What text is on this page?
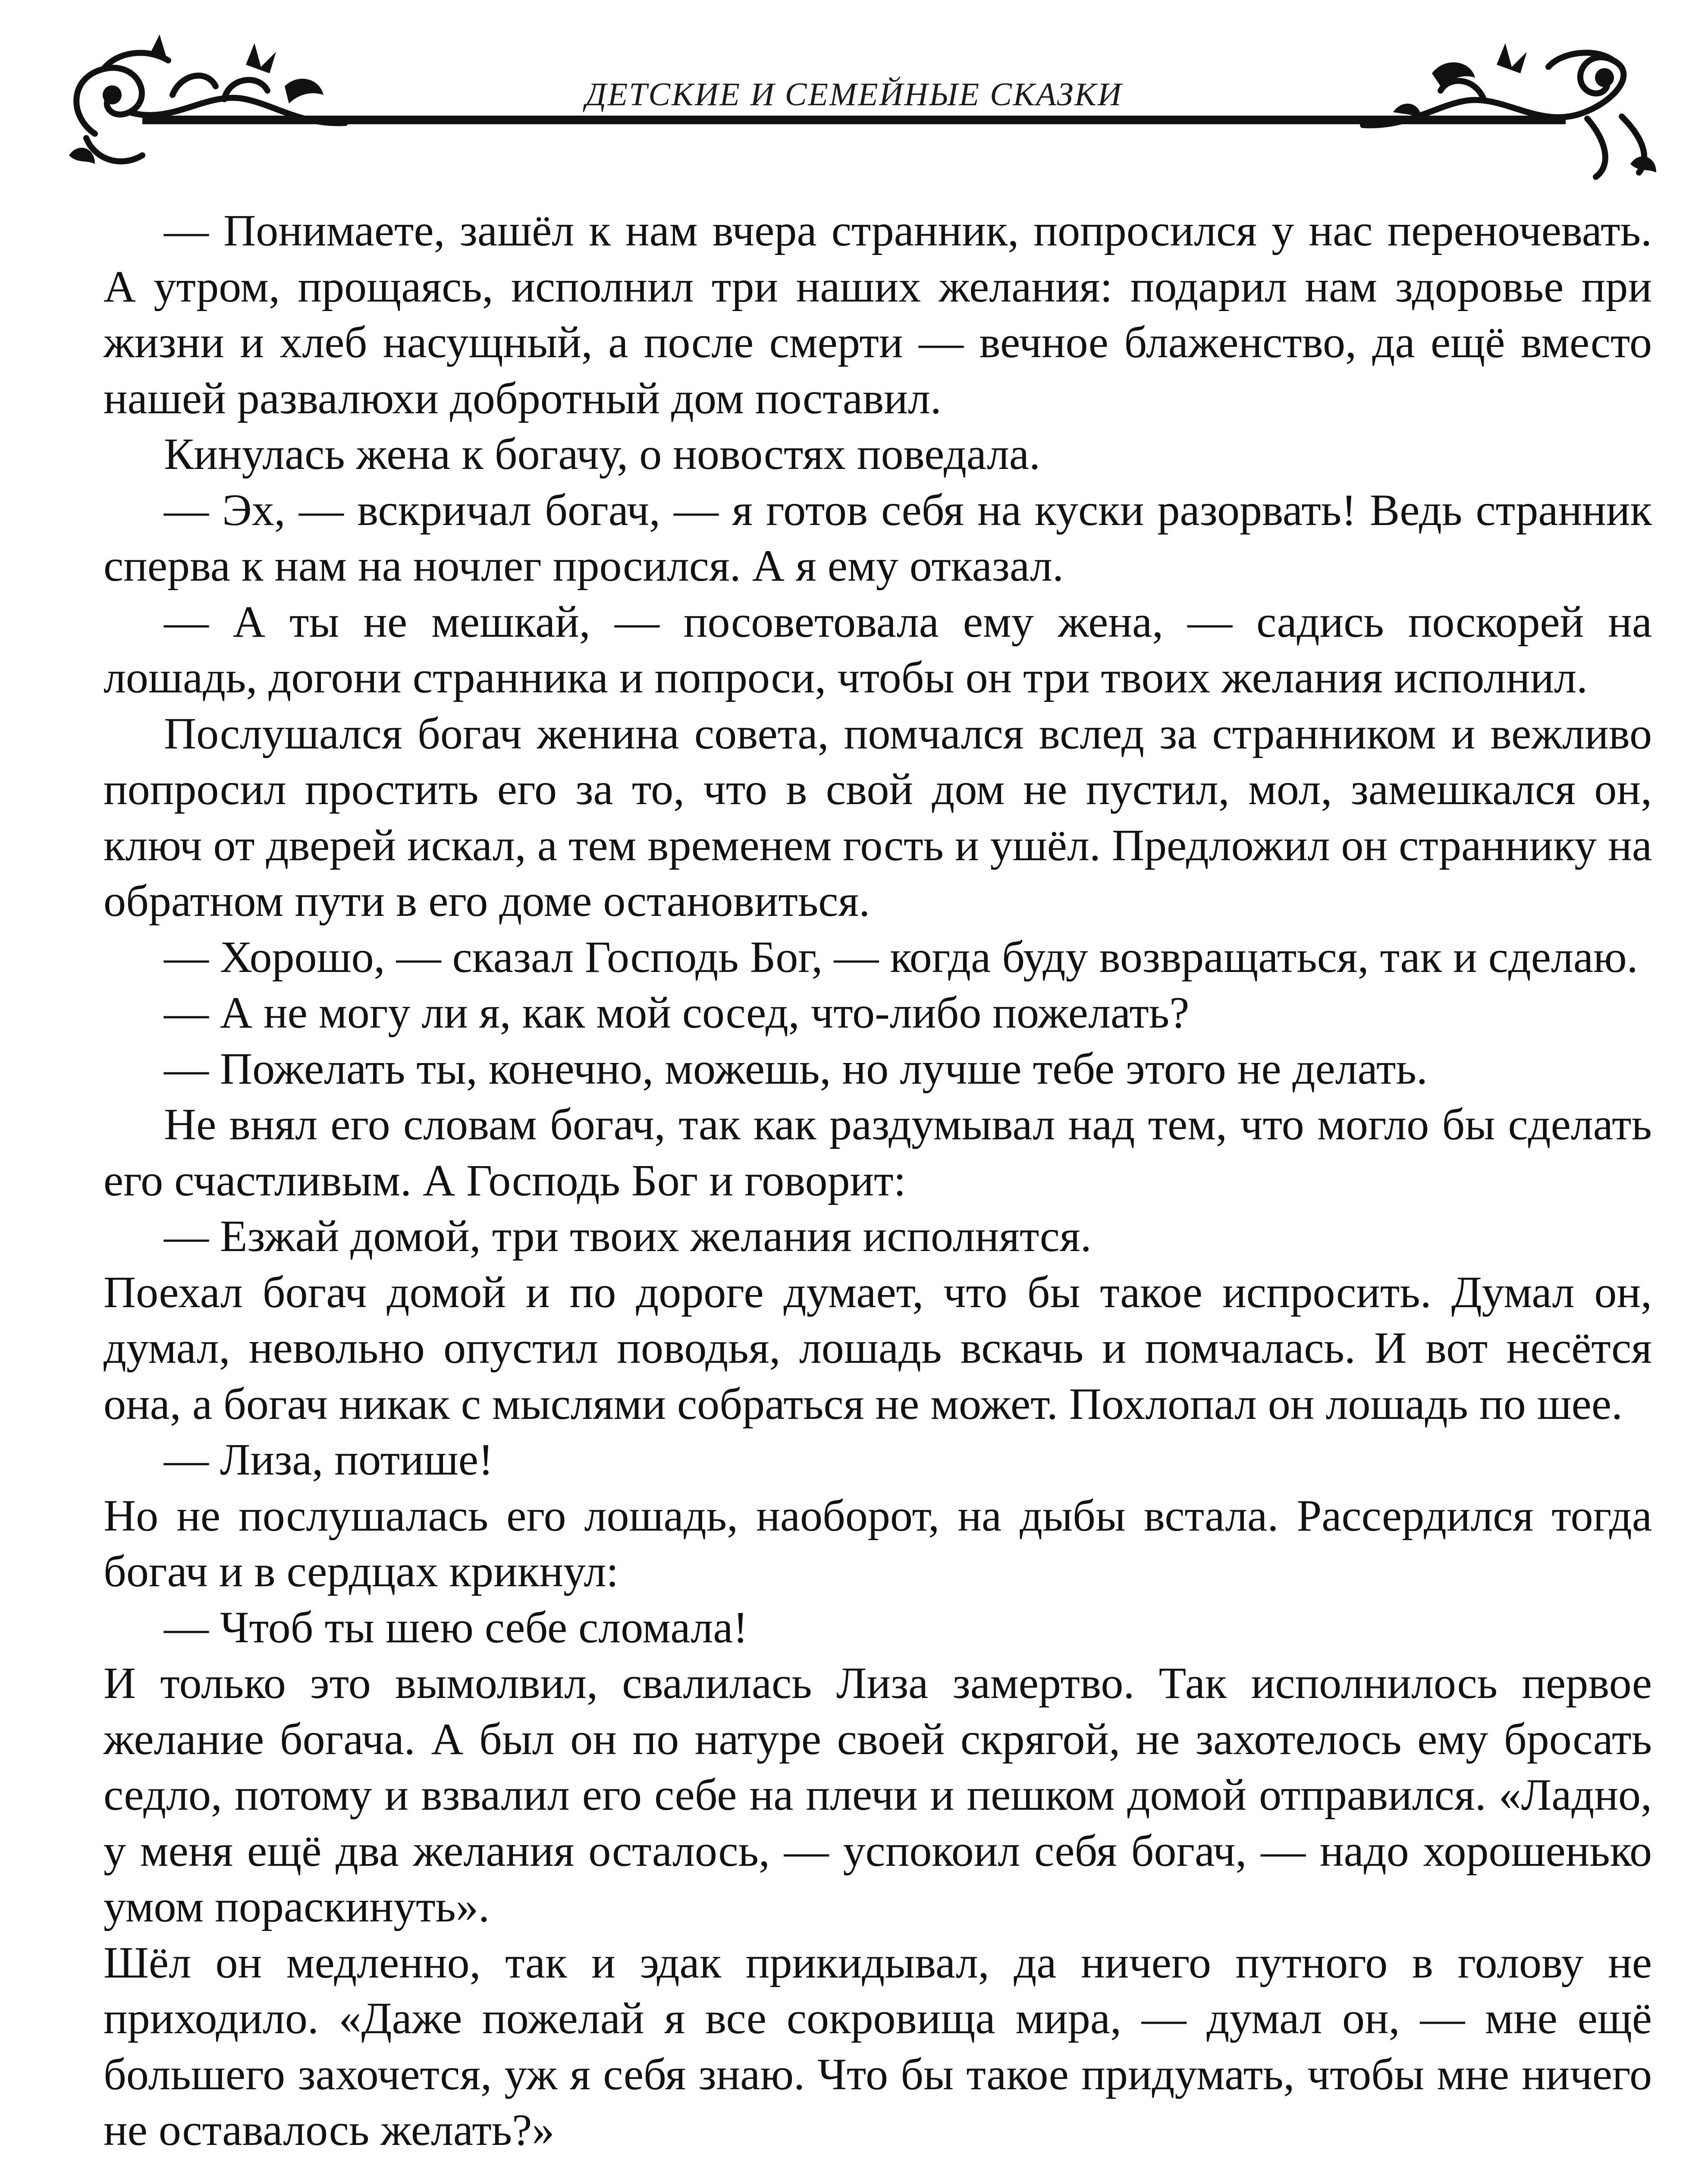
ДЕТСКИЕ И СЕМЕЙНЫЕ СКАЗКИ

— Понимаете, зашёл к нам вчера странник, попросился у нас переночевать. А утром, прощаясь, исполнил три наших желания: подарил нам здоровье при жизни и хлеб насущный, а после смерти — вечное блаженство, да ещё вместо нашей развалюхи добротный дом поставил.

Кинулась жена к богачу, о новостях поведала.

— Эх, — вскричал богач, — я готов себя на куски разорвать! Ведь странник сперва к нам на ночлег просился. А я ему отказал.

— А ты не мешкай, — посоветовала ему жена, — садись поскорей на лошадь, догони странника и попроси, чтобы он три твоих желания исполнил.

Послушался богач женина совета, помчался вслед за странником и вежливо попросил простить его за то, что в свой дом не пустил, мол, замешкался он, ключ от дверей искал, а тем временем гость и ушёл. Предложил он страннику на обратном пути в его доме остановиться.

— Хорошо, — сказал Господь Бог, — когда буду возвращаться, так и сделаю.

— А не могу ли я, как мой сосед, что-либо пожелать?

— Пожелать ты, конечно, можешь, но лучше тебе этого не делать.

Не внял его словам богач, так как раздумывал над тем, что могло бы сделать его счастливым. А Господь Бог и говорит:

— Езжай домой, три твоих желания исполнятся.

Поехал богач домой и по дороге думает, что бы такое испросить. Думал он, думал, невольно опустил поводья, лошадь вскачь и помчалась. И вот несётся она, а богач никак с мыслями собраться не может. Похлопал он лошадь по шее.

— Лиза, потише!

Но не послушалась его лошадь, наоборот, на дыбы встала. Рассердился тогда богач и в сердцах крикнул:

— Чтоб ты шею себе сломала!

И только это вымолвил, свалилась Лиза замертво. Так исполнилось первое желание богача. А был он по натуре своей скрягой, не захотелось ему бросать седло, потому и взвалил его себе на плечи и пешком домой отправился. «Ладно, у меня ещё два желания осталось, — успокоил себя богач, — надо хорошенько умом пораскинуть».

Шёл он медленно, так и эдак прикидывал, да ничего путного в голову не приходило. «Даже пожелай я все сокровища мира, — думал он, — мне ещё большего захочется, уж я себя знаю. Что бы такое придумать, чтобы мне ничего не оставалось желать?»
